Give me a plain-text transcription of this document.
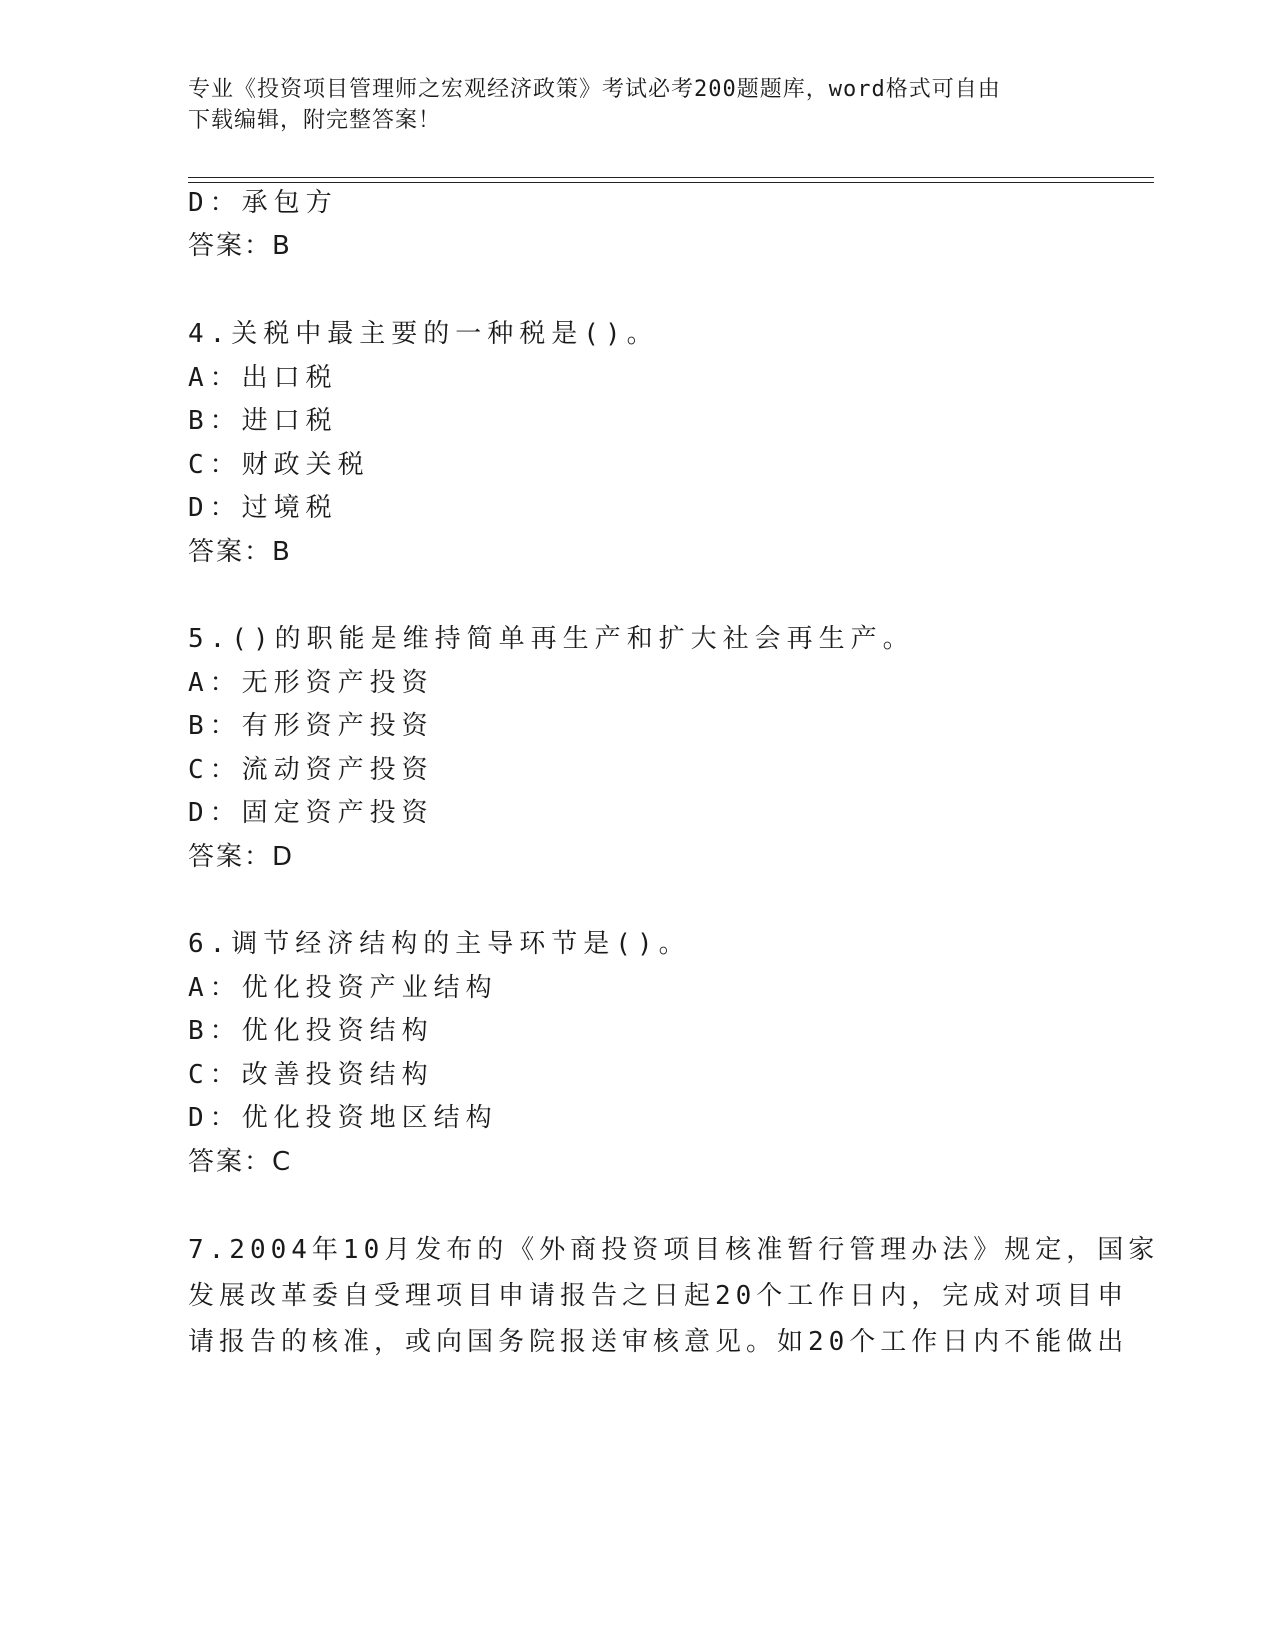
专业《投资项目管理师之宏观经济政策》考试必考200题题库，word格式可自由
下载编辑，附完整答案！
D：承包方
答案：B
4.关税中最主要的一种税是()。
A：出口税
B：进口税
C：财政关税
D：过境税
答案：B
5.()的职能是维持简单再生产和扩大社会再生产。
A：无形资产投资
B：有形资产投资
C：流动资产投资
D：固定资产投资
答案：D
6.调节经济结构的主导环节是()。
A：优化投资产业结构
B：优化投资结构
C：改善投资结构
D：优化投资地区结构
答案：C
7.2004年10月发布的《外商投资项目核准暂行管理办法》规定，国家
发展改革委自受理项目申请报告之日起20个工作日内，完成对项目申
请报告的核准，或向国务院报送审核意见。如20个工作日内不能做出
